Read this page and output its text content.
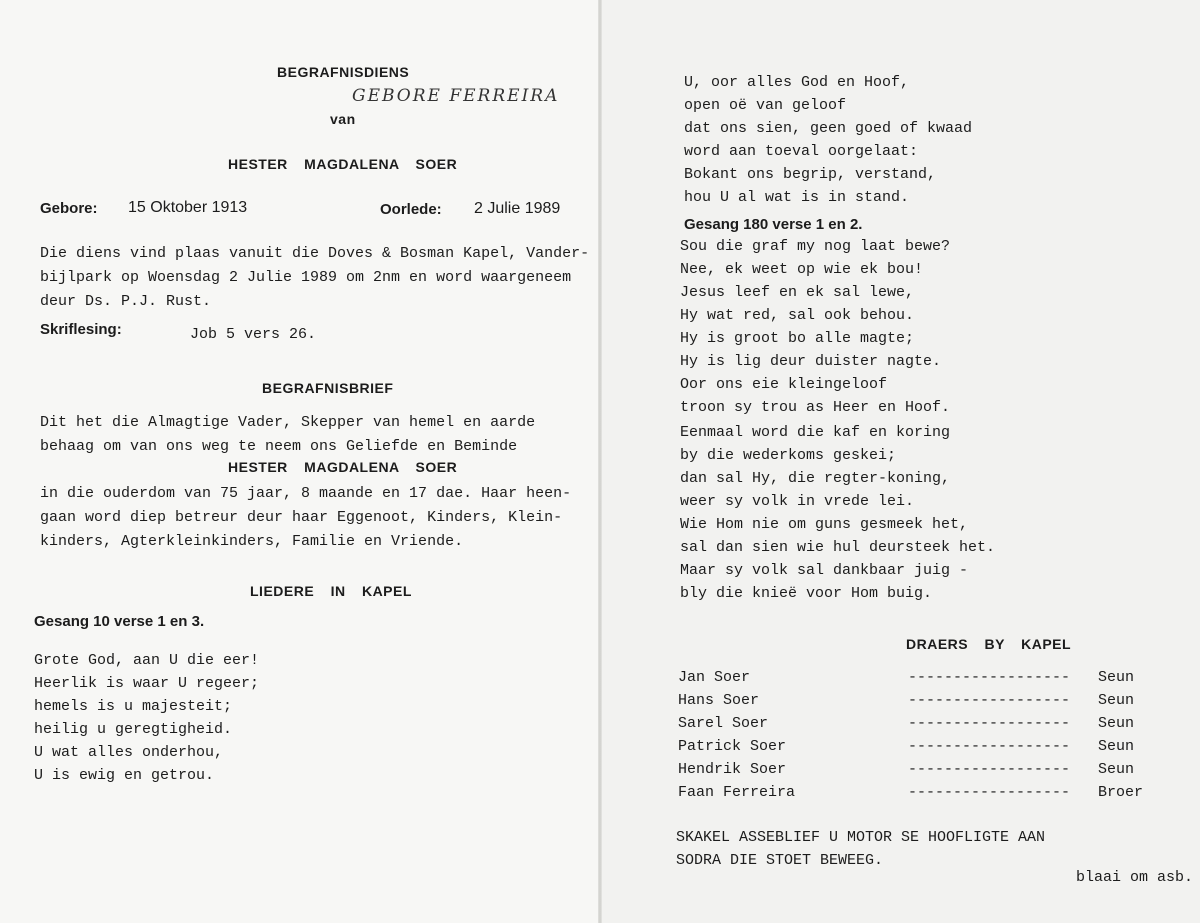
BEGRAFNISDIENS
GEBORE FERREIRA
van
HESTER MAGDALENA SOER
Gebore: 15 Oktober 1913	Oorlede: 2 Julie 1989
Die diens vind plaas vanuit die Doves & Bosman Kapel, Vander-
bijlpark op Woensdag 2 Julie 1989 om 2nm en word waargeneem
deur Ds. P.J. Rust.
Skriflesing:	Job 5 vers 26.
BEGRAFNISBRIEF
Dit het die Almagtige Vader, Skepper van hemel en aarde
behaag om van ons weg te neem ons Geliefde en Beminde
HESTER MAGDALENA SOER
in die ouderdom van 75 jaar, 8 maande en 17 dae. Haar heen-
gaan word diep betreur deur haar Eggenoot, Kinders, Klein-
kinders, Agterkleinkinders, Familie en Vriende.
LIEDERE IN KAPEL
Gesang 10 verse 1 en 3.
Grote God, aan U die eer!
Heerlik is waar U regeer;
hemels is u majesteit;
heilig u geregtigheid.
U wat alles onderhou,
U is ewig en getrou.
U, oor alles God en Hoof,
open oë van geloof
dat ons sien, geen goed of kwaad
word aan toeval oorgelaat:
Bokant ons begrip, verstand,
hou U al wat is in stand.
Gesang 180 verse 1 en 2.
Sou die graf my nog laat bewe?
Nee, ek weet op wie ek bou!
Jesus leef en ek sal lewe,
Hy wat red, sal ook behou.
Hy is groot bo alle magte;
Hy is lig deur duister nagte.
Oor ons eie kleingeloof
troon sy trou as Heer en Hoof.
Eenmaal word die kaf en koring
by die wederkoms geskei;
dan sal Hy, die regter-koning,
weer sy volk in vrede lei.
Wie Hom nie om guns gesmeek het,
sal dan sien wie hul deursteek het.
Maar sy volk sal dankbaar juig -
bly die knieë voor Hom buig.
DRAERS BY KAPEL
Jan Soer	------------------ Seun
Hans Soer	------------------ Seun
Sarel Soer	------------------ Seun
Patrick Soer	------------------ Seun
Hendrik Soer	------------------ Seun
Faan Ferreira	------------------ Broer
SKAKEL ASSEBLIEF U MOTOR SE HOOFLIGTE AAN
SODRA DIE STOET BEWEEG.
blaai om asb.
